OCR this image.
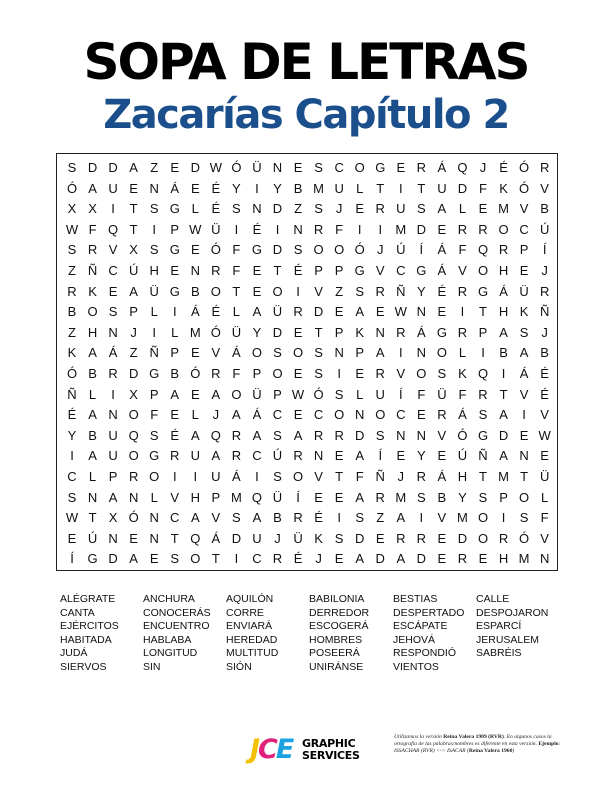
SOPA DE LETRAS
Zacarías Capítulo 2
S D D A Z E D W Ó Ü N E S C O G E R Á Q J É Ó R
Ó A U E N Á E É Y	I	Y B M U L T	I	T U D F K Ó V
X X	I	T S G L É S N D Z S J E R U S A L E M V B
W F Q T	I	P W Ü	I	É	I	N R F	I	I	M D E R R O C Ú
S R V X S G E Ó F G D S O O Ó J Ú	Í	Á F Q R P	Í
Z Ñ C Ú H E N R F E T É P P G V C G Á V O H E J
R K E A Ü G B O T E O	I	V Z S R Ñ Y É R G Á Ü R
B O S P L	I	Á É L A Ü R D E A E W N E	I	T H K Ñ
Z H N J	I	L M Ó Ü Y D E T P K N R Á G R P A S J
K A Á Z Ñ P E V Á O S O S N P A	I	N O L	I	B A B
Ó B R D G B Ó R F P O E S	I	E R V O S K Q	I	Á É
Ñ L	I	X P A E A O Ü P W Ó S L U	Í	F Ü F R T V É
É A N O F E L	J A Á C E C O N O C E R Á S A	I	V
Y B U Q S É A Q R A S A R R D S N N V Ó G D E W
I	A U O G R U A R C Ú R N E A	Í	E Y E Ú Ñ A N E
C L P R O	I	I	U Á	I	S O V T F Ñ J R Á H T M T Ü
S N A N L V H P M Q Ü	Í	E E A R M S B Y S P O L
W T X Ó N C A V S A B R É	I	S Z A	I	V M O	I	S F
E Ú N E N T Q Á D U J Ü K S D E R R E D O R Ó V
Í	G D A E S O T	I	C R É J E A D A D E R E H M N
ALÉGRATE	ANCHURA	AQUILÓN	BABILONIA	BESTIAS	CALLE
CANTA	CONOCERÁS CORRE	DERREDOR DESPERTADO DESPOJARON
EJÉRCITOS ENCUENTRO ENVIARÁ	ESCOGERÁ ESCÁPATE	ESPARCÍ
HABITADA	HABLABA	HEREDAD	HOMBRES	JEHOVÁ	JERUSALEM
JUDÁ	LONGITUD	MULTITUD	POSEERÁ	RESPONDIÓ SABRÉIS
SIERVOS	SIN	SIÓN	UNIRÁNSE	VIENTOS
JCE GRAPHIC
SERVICES
Utilizamos la versión Reina Valera 1909 (RVR). En algunos casos la ortografía de las palabras/nombres es diferente en esta versión. Ejemplo: ISSACHAR (RVR) <-> ISACAR (Reina Valera 1960)
